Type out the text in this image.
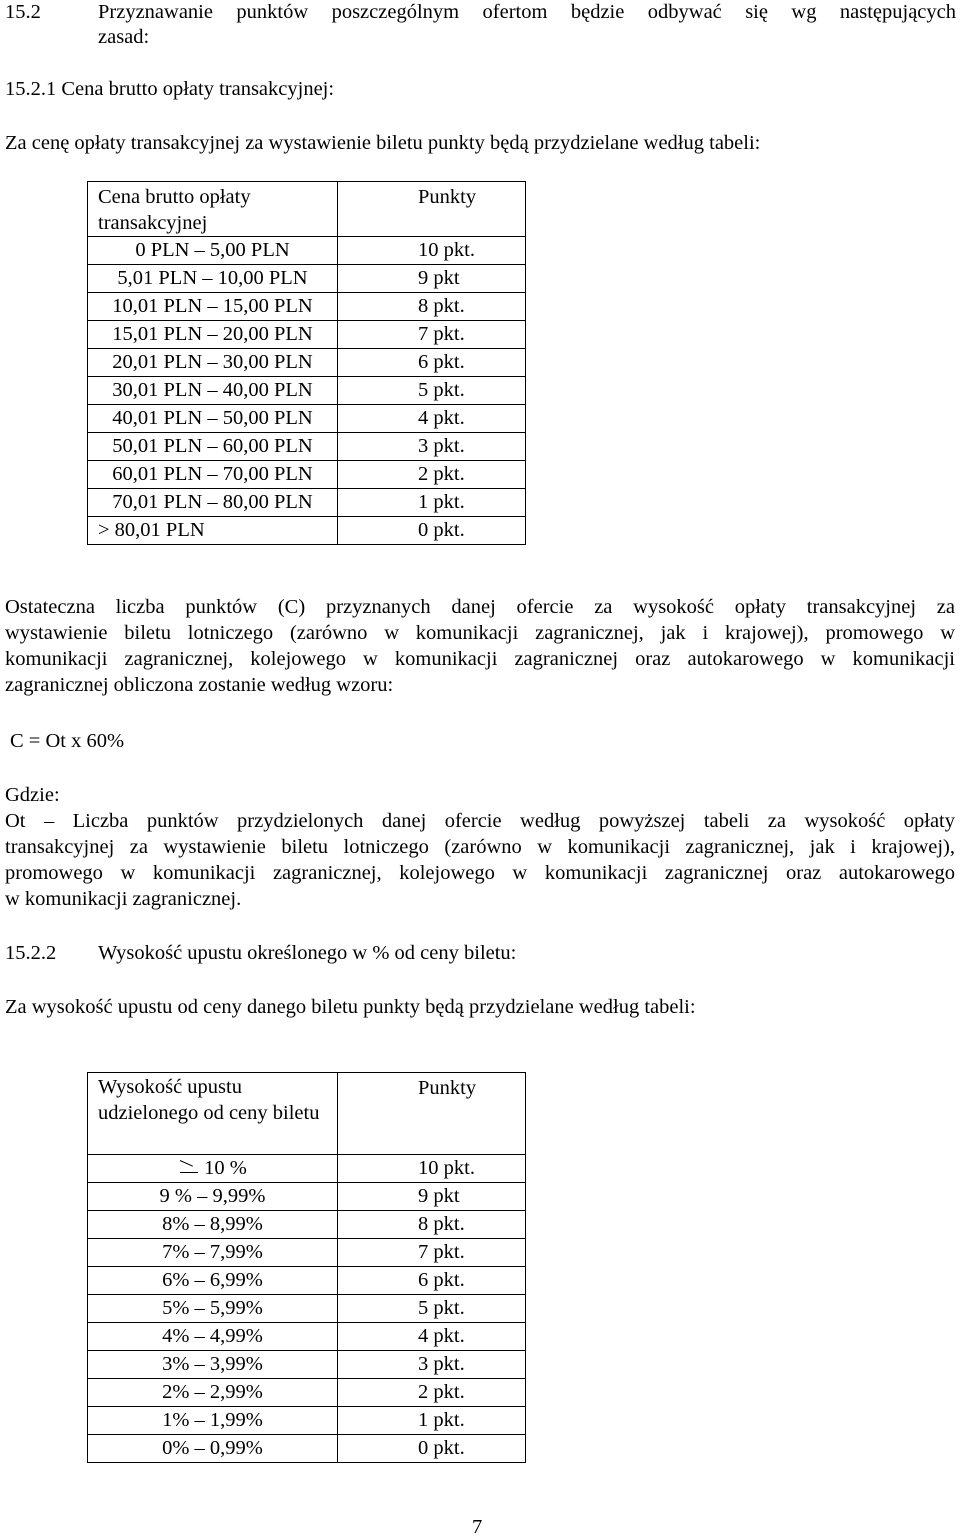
15.2	Przyznawanie punktów poszczególnym ofertom będzie odbywać się wg następujących
zasad:
15.2.1 Cena brutto opłaty transakcyjnej:
Za cenę opłaty transakcyjnej za wystawienie biletu punkty będą przydzielane według tabeli:
Cena brutto opłaty transakcyjnej	Punkty
0 PLN – 5,00 PLN	10 pkt.
5,01 PLN – 10,00 PLN	9 pkt
10,01 PLN – 15,00 PLN	8 pkt.
15,01 PLN – 20,00 PLN	7 pkt.
20,01 PLN – 30,00 PLN	6 pkt.
30,01 PLN – 40,00 PLN	5 pkt.
40,01 PLN – 50,00 PLN	4 pkt.
50,01 PLN – 60,00 PLN	3 pkt.
60,01 PLN – 70,00 PLN	2 pkt.
70,01 PLN – 80,00 PLN	1 pkt.
> 80,01 PLN	0 pkt.
Ostateczna liczba punktów (C) przyznanych danej ofercie za wysokość opłaty transakcyjnej za
wystawienie biletu lotniczego (zarówno w komunikacji zagranicznej, jak i krajowej), promowego w
komunikacji zagranicznej, kolejowego w komunikacji zagranicznej oraz autokarowego w komunikacji
zagranicznej obliczona zostanie według wzoru:
C = Ot x 60%
Gdzie:
Ot – Liczba punktów przydzielonych danej ofercie według powyższej tabeli za wysokość opłaty
transakcyjnej za wystawienie biletu lotniczego (zarówno w komunikacji zagranicznej, jak i krajowej),
promowego w komunikacji zagranicznej, kolejowego w komunikacji zagranicznej oraz autokarowego
w komunikacji zagranicznej.
15.2.2 Wysokość upustu określonego w % od ceny biletu:
Za wysokość upustu od ceny danego biletu punkty będą przydzielane według tabeli:
Wysokość upustu udzielonego od ceny biletu	Punkty
10 %	10 pkt.
9 % – 9,99%	9 pkt
8% – 8,99%	8 pkt.
7% – 7,99%	7 pkt.
6% – 6,99%	6 pkt.
5% – 5,99%	5 pkt.
4% – 4,99%	4 pkt.
3% – 3,99%	3 pkt.
2% – 2,99%	2 pkt.
1% – 1,99%	1 pkt.
0% – 0,99%	0 pkt.
7
